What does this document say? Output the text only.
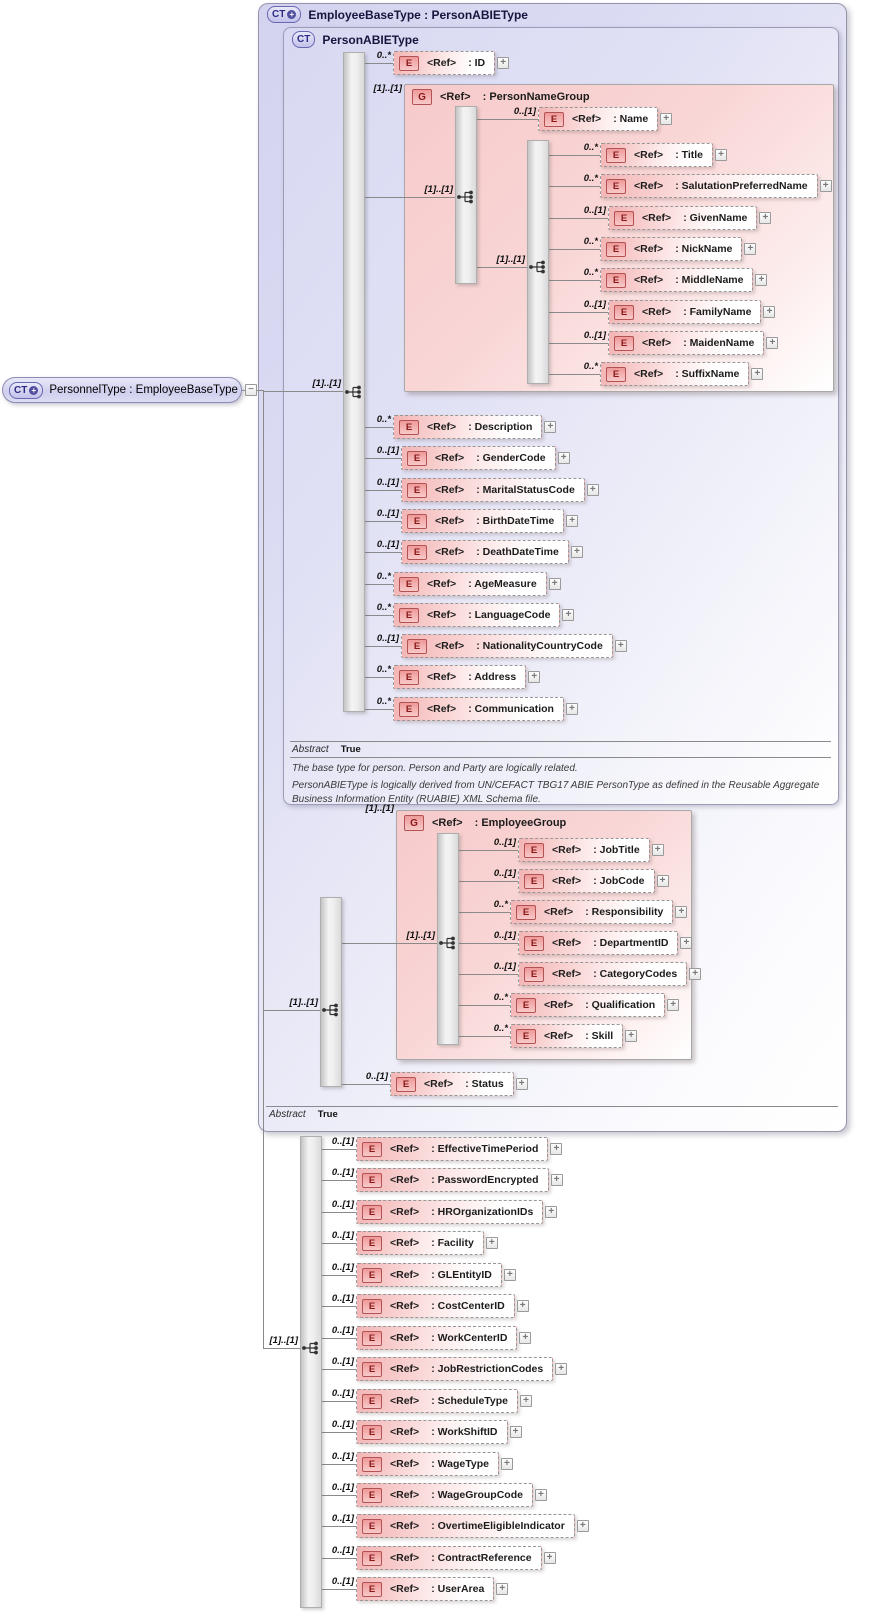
CT + EmployeeBaseType : PersonABIEType
CT PersonABIEType
G	<Ref>	: PersonNameGroup
G	<Ref>	: EmployeeGroup
Abstract True
The base type for person. Person and Party are logically related.
PersonABIEType is logically derived from UN/CEFACT TBG17 ABIE PersonType as defined in the Reusable Aggregate Business Information Entity (RUABIE) XML Schema file.
Abstract True
CT + PersonnelType : EmployeeBaseType	−
[1]..[1]
[1]..[1]
[1]..[1]
[1]..[1]
[1]..[1]
[1]..[1]
[1]..[1]
[1]..[1]
0..*
E	<Ref>	: ID	+
0..*
E	<Ref>	: Description	+
0..[1]
E	<Ref>	: GenderCode	+
0..[1]
E	<Ref>	: MaritalStatusCode	+
0..[1]
E	<Ref>	: BirthDateTime	+
0..[1]
E	<Ref>	: DeathDateTime	+
0..*
E	<Ref>	: AgeMeasure	+
0..*
E	<Ref>	: LanguageCode	+
0..[1]
E	<Ref>	: NationalityCountryCode	+
0..*
E	<Ref>	: Address	+
0..*
E	<Ref>	: Communication	+
0..[1]
E	<Ref>	: Name	+
0..*
E	<Ref>	: Title	+
0..*
E	<Ref>	: SalutationPreferredName	+
0..[1]
E	<Ref>	: GivenName	+
0..*
E	<Ref>	: NickName	+
0..*
E	<Ref>	: MiddleName	+
0..[1]
E	<Ref>	: FamilyName	+
0..[1]
E	<Ref>	: MaidenName	+
0..*
E	<Ref>	: SuffixName	+
0..[1]
E	<Ref>	: JobTitle	+
0..[1]
E	<Ref>	: JobCode	+
0..*
E	<Ref>	: Responsibility	+
0..[1]
E	<Ref>	: DepartmentID	+
0..[1]
E	<Ref>	: CategoryCodes	+
0..*
E	<Ref>	: Qualification	+
0..*
E	<Ref>	: Skill	+
0..[1]
E	<Ref>	: Status	+
0..[1]
E	<Ref>	: EffectiveTimePeriod	+
0..[1]
E	<Ref>	: PasswordEncrypted	+
0..[1]
E	<Ref>	: HROrganizationIDs	+
0..[1]
E	<Ref>	: Facility	+
0..[1]
E	<Ref>	: GLEntityID	+
0..[1]
E	<Ref>	: CostCenterID	+
0..[1]
E	<Ref>	: WorkCenterID	+
0..[1]
E	<Ref>	: JobRestrictionCodes	+
0..[1]
E	<Ref>	: ScheduleType	+
0..[1]
E	<Ref>	: WorkShiftID	+
0..[1]
E	<Ref>	: WageType	+
0..[1]
E	<Ref>	: WageGroupCode	+
0..[1]
E	<Ref>	: OvertimeEligibleIndicator	+
0..[1]
E	<Ref>	: ContractReference	+
0..[1]
E	<Ref>	: UserArea	+
